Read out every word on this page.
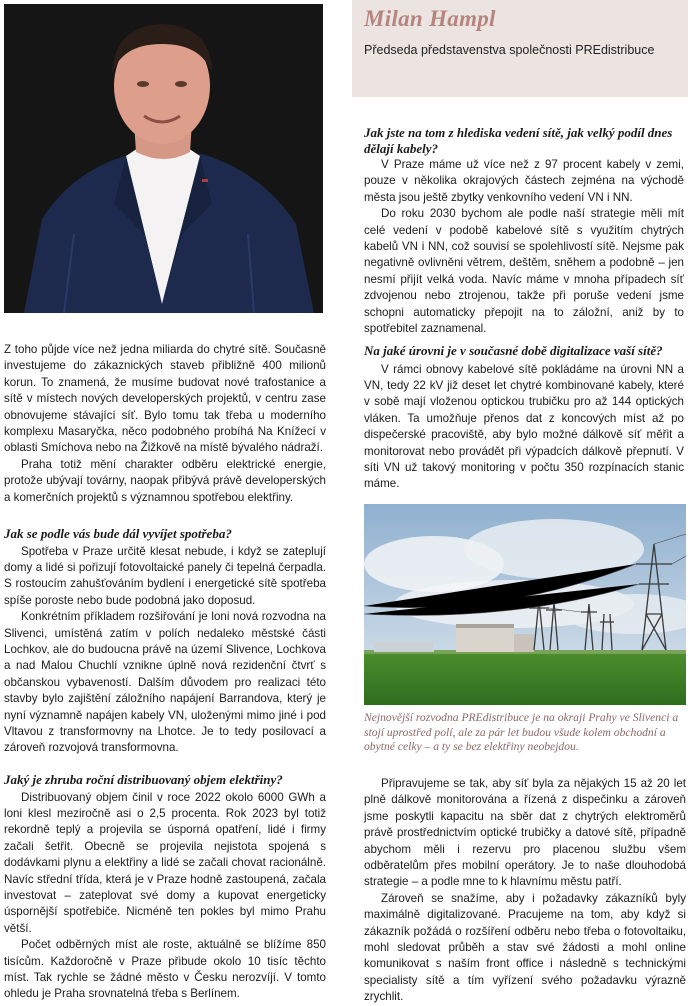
Milan Hampl
Předseda představenstva společnosti PREdistribuce

Jak jste na tom z hlediska vedení sítě, jak velký podíl dnes dělají kabely?

V Praze máme už více než z 97 procent kabely v zemi, pouze v několika okrajových částech zejména na východě města jsou ještě zbytky venkovního vedení VN i NN.

Do roku 2030 bychom ale podle naší strategie měli mít celé vedení v podobě kabelové sítě s využitím chytrých kabelů VN i NN, což souvisí se spolehlivostí sítě. Nejsme pak negativně ovlivněni větrem, deštěm, sněhem a podobně – jen nesmí přijít velká voda. Navíc máme v mnoha případech síť zdvojenou nebo ztrojenou, takže při poruše vedení jsme schopni automaticky přepojit na to záložní, aniž by to spotřebitel zaznamenal.

Na jaké úrovni je v současné době digitalizace vaší sítě?

V rámci obnovy kabelové sítě pokládáme na úrovni NN a VN, tedy 22 kV již deset let chytré kombinované kabely, které v sobě mají vloženou optickou trubičku pro až 144 optických vláken. Ta umožňuje přenos dat z koncových míst až po dispečerské pracoviště, aby bylo možné dálkově síť měřit a monitorovat nebo provádět při výpadcích dálkově přepnutí. V síti VN už takový monitoring v počtu 350 rozpínacích stanic máme.

Z toho půjde více než jedna miliarda do chytré sítě. Současně investujeme do zákaznických staveb přibližně 400 milionů korun. To znamená, že musíme budovat nové trafostanice a sítě v místech nových developerských projektů, v centru zase obnovujeme stávající síť. Bylo tomu tak třeba u moderního komplexu Masaryčka, něco podobného probíhá Na Knížecí v oblasti Smíchova nebo na Žižkově na místě bývalého nádraží.

Praha totiž mění charakter odběru elektrické energie, protože ubývají továrny, naopak přibývá právě developerských a komerčních projektů s významnou spotřebou elektřiny.

Jak se podle vás bude dál vyvíjet spotřeba?

Spotřeba v Praze určitě klesat nebude, i když se zateplují domy a lidé si pořizují fotovoltaické panely či tepelná čerpadla. S rostoucím zahušťováním bydlení i energetické sítě spotřeba spíše poroste nebo bude podobná jako doposud.

Konkrétním příkladem rozšiřování je loni nová rozvodna na Slivenci, umístěná zatím v polích nedaleko městské části Lochkov, ale do budoucna právě na území Slivence, Lochkova a nad Malou Chuchlí vznikne úplně nová rezidenční čtvrť s občanskou vybaveností. Dalším důvodem pro realizaci této stavby bylo zajištění záložního napájení Barrandova, který je nyní významně napájen kabely VN, uloženými mimo jiné i pod Vltavou z transformovny na Lhotce. Je to tedy posilovací a zároveň rozvojová transformovna.

Jaký je zhruba roční distribuovaný objem elektřiny?

Distribuovaný objem činil v roce 2022 okolo 6000 GWh a loni klesl meziročně asi o 2,5 procenta. Rok 2023 byl totiž rekordně teplý a projevila se úsporná opatření, lidé i firmy začali šetřit. Obecně se projevila nejistota spojená s dodávkami plynu a elektřiny a lidé se začali chovat racionálně. Navíc střední třída, která je v Praze hodně zastoupená, začala investovat – zateplovat své domy a kupovat energeticky úspornější spotřebiče. Nicméně ten pokles byl mimo Prahu větší.

Počet odběrných míst ale roste, aktuálně se blížíme 850 tisícům. Každoročně v Praze přibude okolo 10 tisíc těchto míst. Tak rychle se žádné město v Česku nerozvíjí. V tomto ohledu je Praha srovnatelná třeba s Berlínem.

Nejnovější rozvodna PREdistribuce je na okraji Prahy ve Slivenci a stojí uprostřed polí, ale za pár let budou všude kolem obchodní a obytné celky – a ty se bez elektřiny neobejdou.

Připravujeme se tak, aby síť byla za nějakých 15 až 20 let plně dálkově monitorována a řízená z dispečinku a zároveň jsme poskytli kapacitu na sběr dat z chytrých elektroměrů právě prostřednictvím optické trubičky a datové sítě, případně abychom měli i rezervu pro placenou službu všem odběratelům přes mobilní operátory. Je to naše dlouhodobá strategie – a podle mne to k hlavnímu městu patří.

Zároveň se snažíme, aby i požadavky zákazníků byly maximálně digitalizované. Pracujeme na tom, aby když si zákazník požádá o rozšíření odběru nebo třeba o fotovoltaiku, mohl sledovat průběh a stav své žádosti a mohl online komunikovat s naším front office i následně s technickými specialisty sítě a tím vyřízení svého požadavku výrazně zrychlit.
